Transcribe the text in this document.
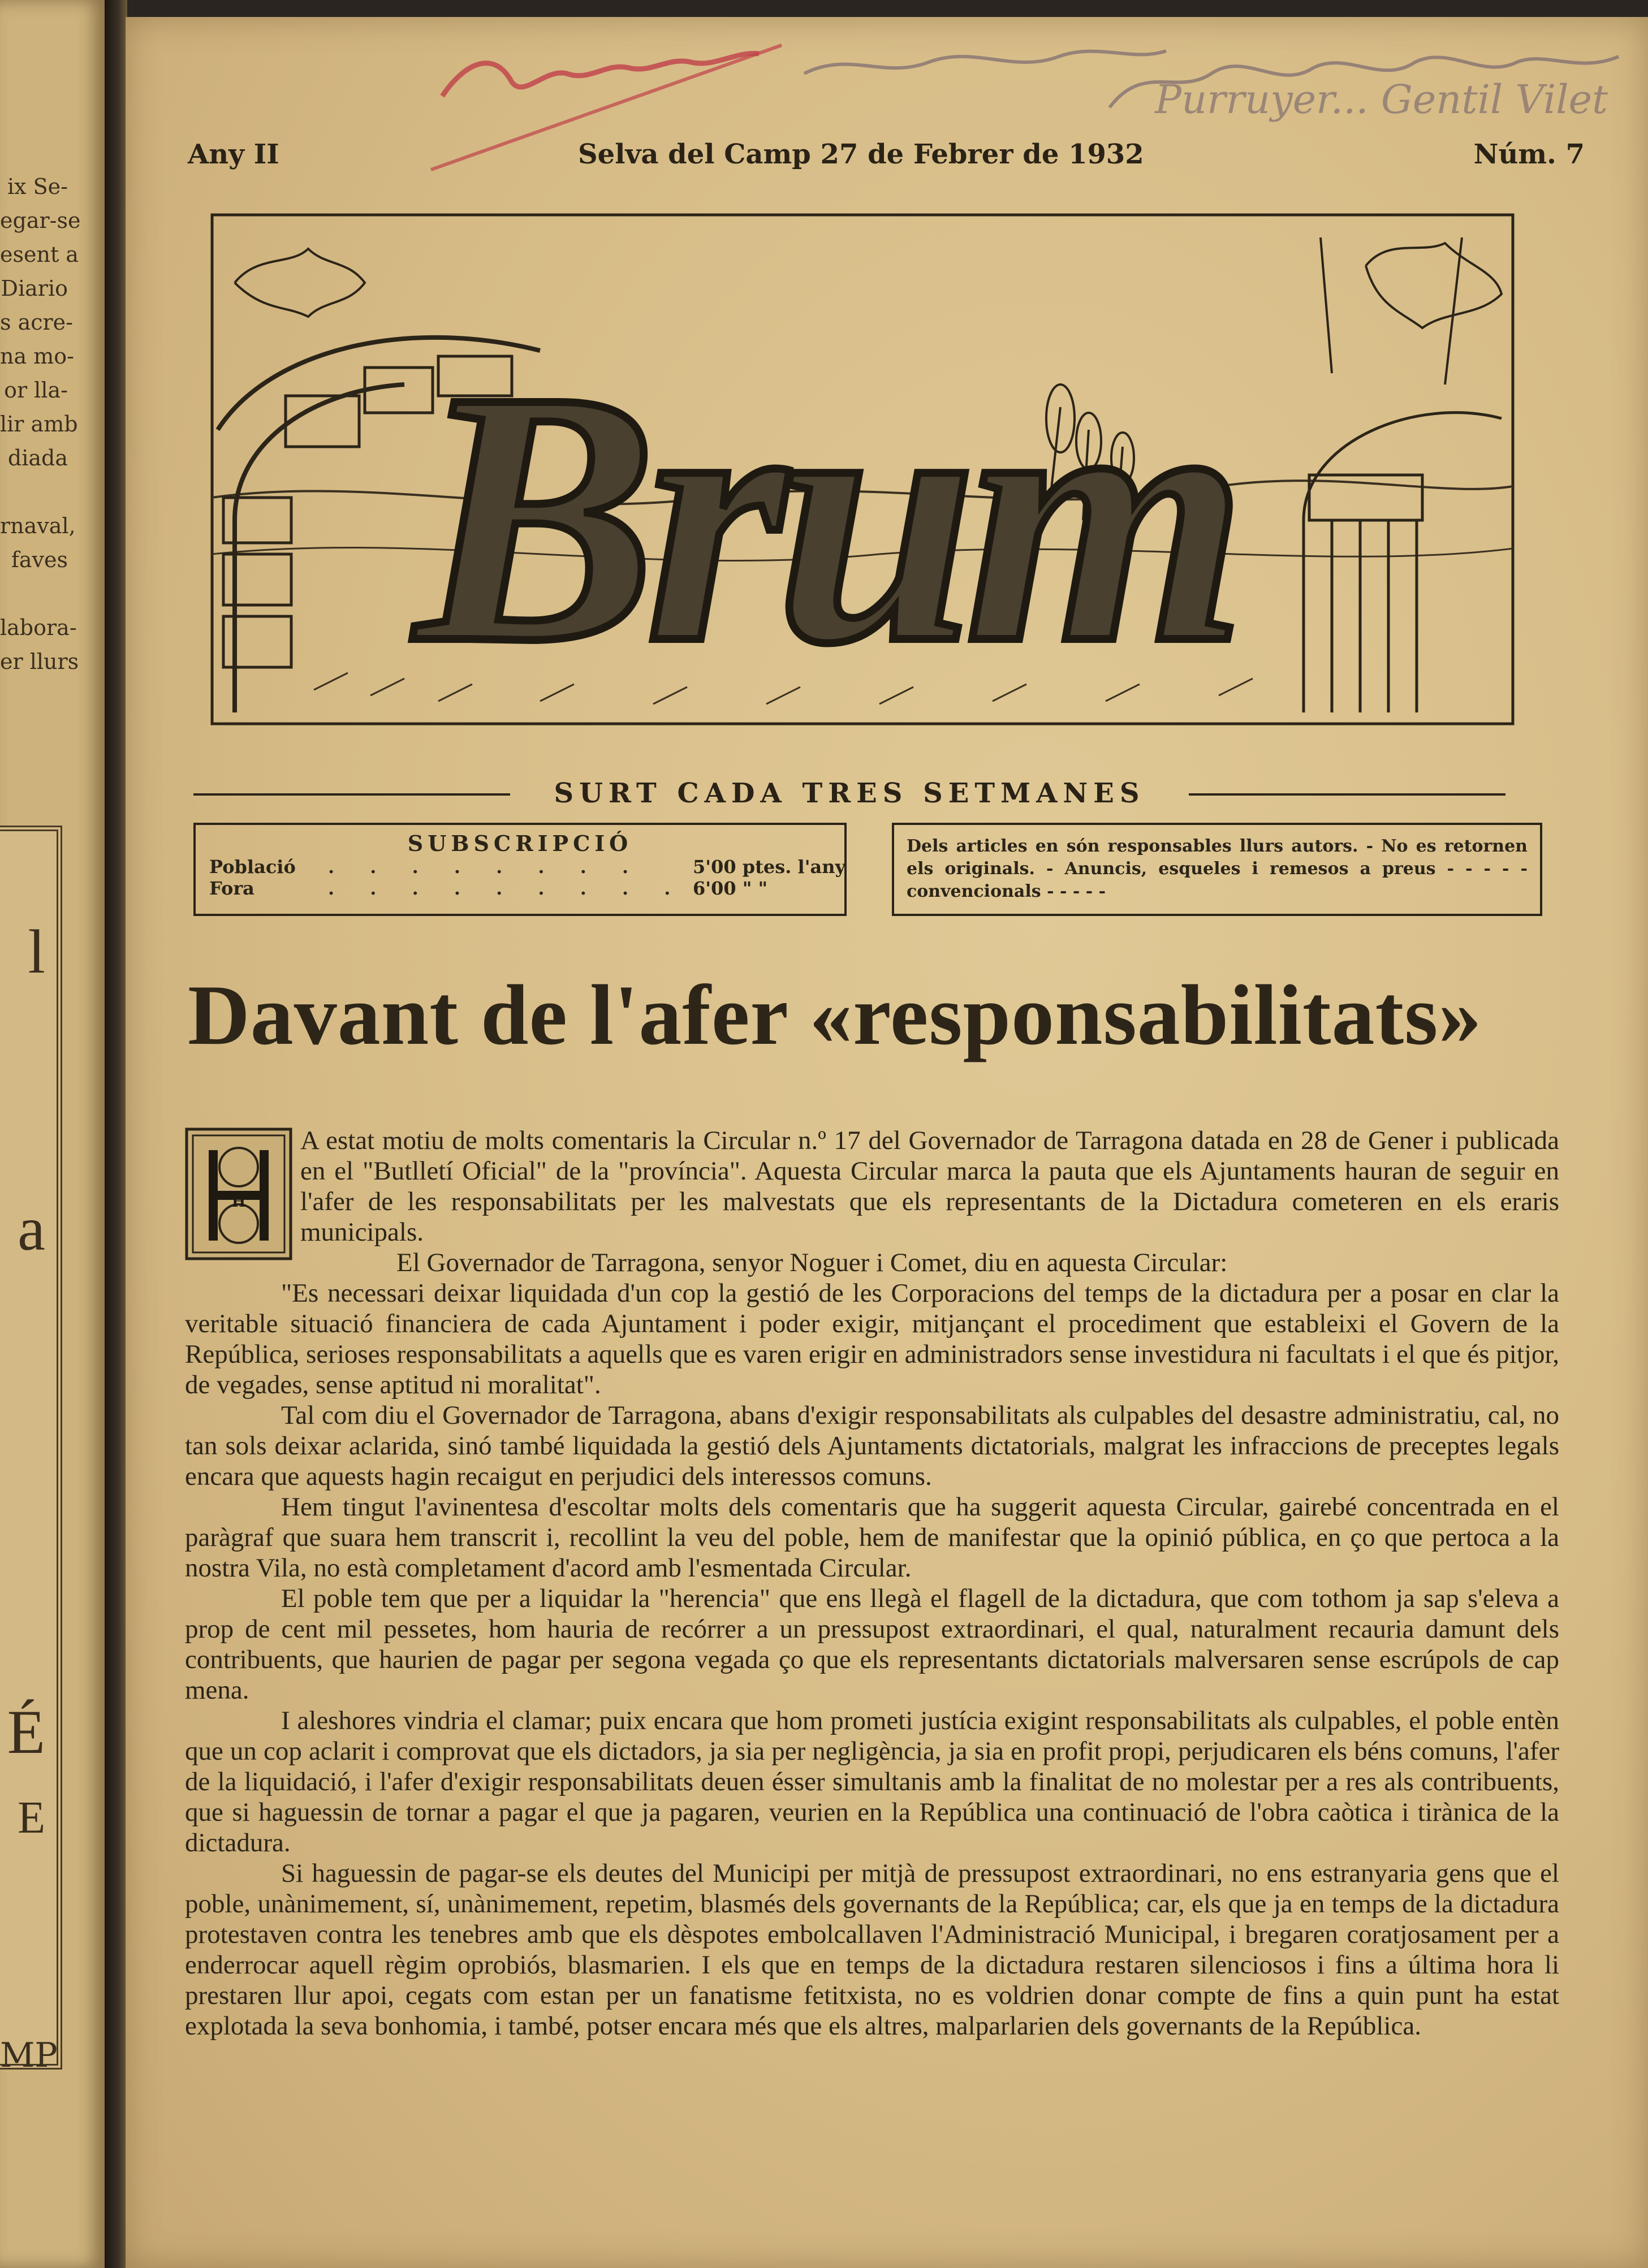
ix Se-
egar-se
esent a
Diario
s acre-
na mo-
or lla-
lir amb
diada

rnaval,
faves

labora-
er llurs
l
a
É
E
MP
Purruyer... Gentil Vilet
Any II	Selva del Camp 27 de Febrer de 1932	Núm. 7
Brum
SURT CADA TRES SETMANES
SUBSCRIPCIÓ
Població . . . . . . . .	5'00 ptes. l'any
Fora	. . . . . . . . . 6'00 " "
Dels articles en són responsables llurs autors. - No es retornen els originals. - Anuncis, esqueles i remesos a preus - - - - - convencionals - - - - -
Davant de l'afer «responsabilitats»
H

A estat motiu de molts comentaris la Circular n.º 17 del Governador de Tarragona datada en 28 de Gener i publicada en el "Butlletí Oficial" de la "província". Aquesta Circular marca la pauta que els Ajuntaments hauran de seguir en l'afer de les responsabilitats per les malvestats que els representants de la Dictadura cometeren en els eraris municipals.

El Governador de Tarragona, senyor Noguer i Comet, diu en aquesta Circular:

"Es necessari deixar liquidada d'un cop la gestió de les Corporacions del temps de la dictadura per a posar en clar la veritable situació financiera de cada Ajuntament i poder exigir, mitjançant el procediment que estableixi el Govern de la República, serioses responsabilitats a aquells que es varen erigir en administradors sense investidura ni facultats i el que és pitjor, de vegades, sense aptitud ni moralitat".

Tal com diu el Governador de Tarragona, abans d'exigir responsabilitats als culpables del desastre administratiu, cal, no tan sols deixar aclarida, sinó també liquidada la gestió dels Ajuntaments dictatorials, malgrat les infraccions de preceptes legals encara que aquests hagin recaigut en perjudici dels interessos comuns.

Hem tingut l'avinentesa d'escoltar molts dels comentaris que ha suggerit aquesta Circular, gairebé concentrada en el paràgraf que suara hem transcrit i, recollint la veu del poble, hem de manifestar que la opinió pública, en ço que pertoca a la nostra Vila, no està completament d'acord amb l'esmentada Circular.

El poble tem que per a liquidar la "herencia" que ens llegà el flagell de la dictadura, que com tothom ja sap s'eleva a prop de cent mil pessetes, hom hauria de recórrer a un pressupost extraordinari, el qual, naturalment recauria damunt dels contribuents, que haurien de pagar per segona vegada ço que els representants dictatorials malversaren sense escrúpols de cap mena.

I aleshores vindria el clamar; puix encara que hom prometi justícia exigint responsabilitats als culpables, el poble entèn que un cop aclarit i comprovat que els dictadors, ja sia per negligència, ja sia en profit propi, perjudicaren els béns comuns, l'afer de la liquidació, i l'afer d'exigir responsabilitats deuen ésser simultanis amb la finalitat de no molestar per a res als contribuents, que si haguessin de tornar a pagar el que ja pagaren, veurien en la República una continuació de l'obra caòtica i tirànica de la dictadura.

Si haguessin de pagar-se els deutes del Municipi per mitjà de pressupost extraordinari, no ens estranyaria gens que el poble, unànimement, sí, unànimement, repetim, blasmés dels governants de la República; car, els que ja en temps de la dictadura protestaven contra les tenebres amb que els dèspotes embolcallaven l'Administració Municipal, i bregaren coratjosament per a enderrocar aquell règim oprobiós, blasmarien. I els que en temps de la dictadura restaren silenciosos i fins a última hora li prestaren llur apoi, cegats com estan per un fanatisme fetitxista, no es voldrien donar compte de fins a quin punt ha estat explotada la seva bonhomia, i també, potser encara més que els altres, malparlarien dels governants de la República.
